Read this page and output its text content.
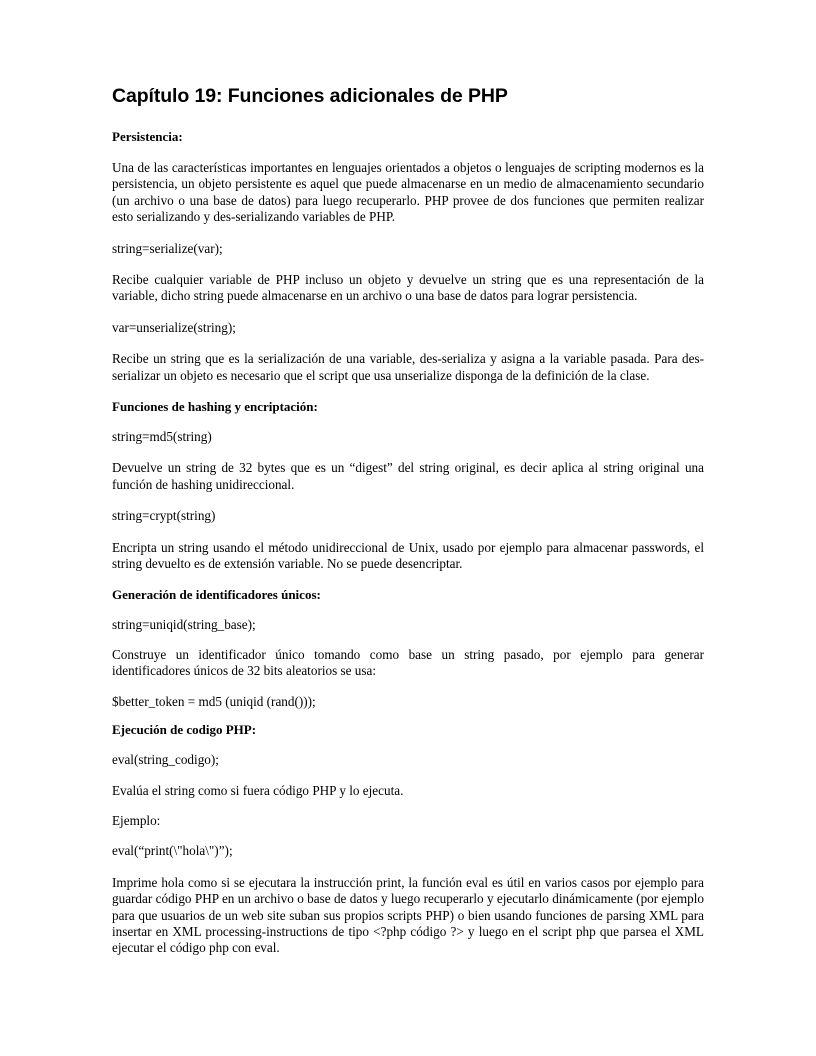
Capítulo 19: Funciones adicionales de PHP
Persistencia:

Una de las características importantes en lenguajes orientados a objetos o lenguajes de scripting modernos es la persistencia, un objeto persistente es aquel que puede almacenarse en un medio de almacenamiento secundario (un archivo o una base de datos) para luego recuperarlo. PHP provee de dos funciones que permiten realizar esto serializando y des-serializando variables de PHP.

string=serialize(var);

Recibe cualquier variable de PHP incluso un objeto y devuelve un string que es una representación de la variable, dicho string puede almacenarse en un archivo o una base de datos para lograr persistencia.

var=unserialize(string);

Recibe un string que es la serialización de una variable, des-serializa y asigna a la variable pasada. Para des-serializar un objeto es necesario que el script que usa unserialize disponga de la definición de la clase.

Funciones de hashing y encriptación:
string=md5(string)

Devuelve un string de 32 bytes que es un “digest” del string original, es decir aplica al string original una función de hashing unidireccional.

string=crypt(string)

Encripta un string usando el método unidireccional de Unix, usado por ejemplo para almacenar passwords, el string devuelto es de extensión variable. No se puede desencriptar.

Generación de identificadores únicos:
string=uniqid(string_base);

Construye un identificador único tomando como base un string pasado, por ejemplo para generar identificadores únicos de 32 bits aleatorios se usa:

$better_token = md5 (uniqid (rand()));
Ejecución de codigo PHP:
eval(string_codigo);

Evalúa el string como si fuera código PHP y lo ejecuta.

Ejemplo:

eval(“print(\"hola\")”);

Imprime hola como si se ejecutara la instrucción print, la función eval es útil en varios casos por ejemplo para guardar código PHP en un archivo o base de datos y luego recuperarlo y ejecutarlo dinámicamente (por ejemplo para que usuarios de un web site suban sus propios scripts PHP) o bien usando funciones de parsing XML para insertar en XML processing-instructions de tipo <?php código ?> y luego en el script php que parsea el XML ejecutar el código php con eval.
